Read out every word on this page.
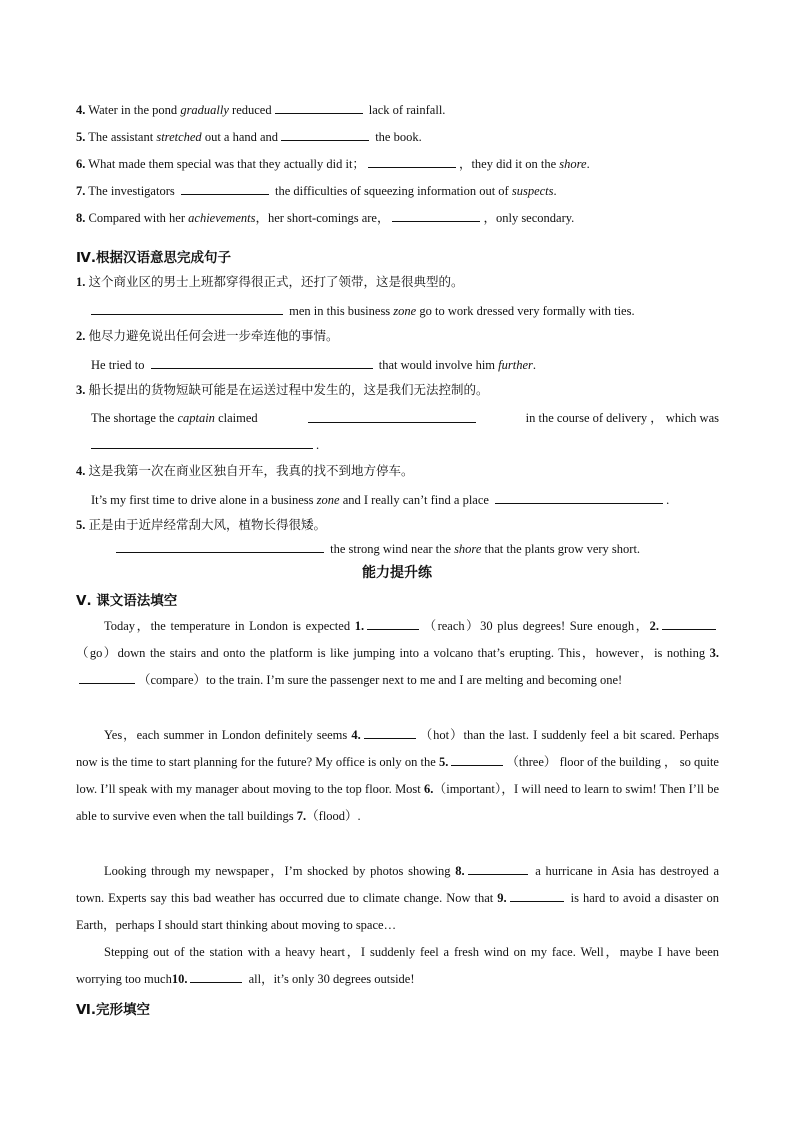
4. Water in the pond gradually reduced	lack of rainfall.
5. The assistant stretched out a hand and	the book.
6. What made them special was that they actually did it；	，they did it on the shore.
7. The investigators	the difficulties of squeezing information out of suspects.
8. Compared with her achievements，her short-comings are，	，only secondary.
Ⅳ.根据汉语意思完成句子
1. 这个商业区的男士上班都穿得很正式，还打了领带，这是很典型的。
men in this business zone go to work dressed very formally with ties.
2. 他尽力避免说出任何会进一步牵连他的事情。
He tried to	that would involve him further.
3. 船长提出的货物短缺可能是在运送过程中发生的，这是我们无法控制的。
The shortage the captain claimed	in the course of delivery ， which was
.
4. 这是我第一次在商业区独自开车，我真的找不到地方停车。
It’s my first time to drive alone in a business zone and I really can’t find a place	.
5. 正是由于近岸经常刮大风，植物长得很矮。
the strong wind near the shore that the plants grow very short.
能力提升练
Ⅴ. 课文语法填空
Today，the temperature in London is expected 1.	（reach）30 plus degrees! Sure enough，2.（go）down the stairs and onto the platform is like jumping into a volcano that’s erupting. This，however，is nothing 3.（compare）to the train. I’m sure the passenger next to me and I are melting and becoming one!
Yes，each summer in London definitely seems 4.	（hot）than the last. I suddenly feel a bit scared. Perhaps now is the time to start planning for the future? My office is only on the 5.	（three） floor of the building ， so quite low. I’ll speak with my manager about moving to the top floor. Most 6.（important），I will need to learn to swim! Then I’ll be able to survive even when the tall buildings 7.（flood）.
Looking through my newspaper，I’m shocked by photos showing 8.	a hurricane in Asia has destroyed a town. Experts say this bad weather has occurred due to climate change. Now that 9.	is hard to avoid a disaster on Earth，perhaps I should start thinking about moving to space…
Stepping out of the station with a heavy heart，I suddenly feel a fresh wind on my face. Well，maybe I have been worrying too much10.	all，it’s only 30 degrees outside!
Ⅵ.完形填空
